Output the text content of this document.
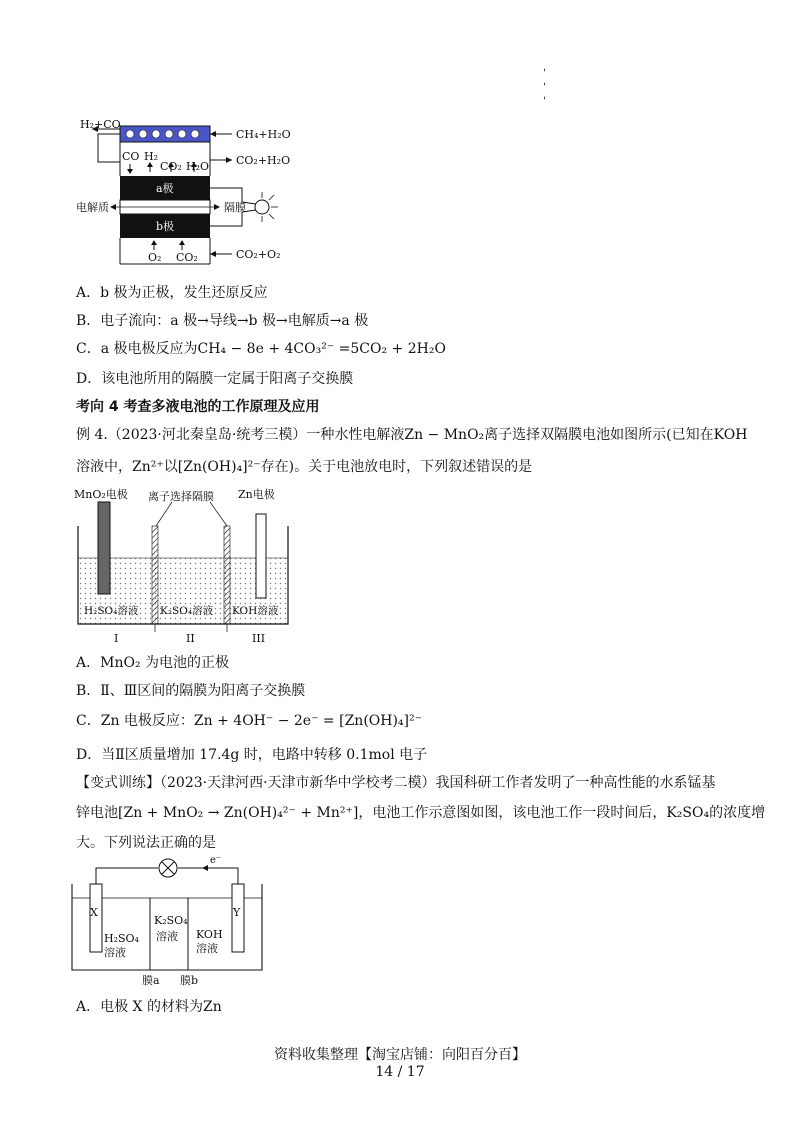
'
'
'
a极
b极
H₂+CO
CH₄+H₂O
CO H₂
CO₂ H₂O CO₂+H₂O
电解质	隔膜
O₂ CO₂	CO₂+O₂
A．b 极为正极，发生还原反应
B．电子流向：a 极→导线→b 极→电解质→a 极
C．a 极电极反应为CH₄ − 8e + 4CO₃²⁻ =5CO₂ + 2H₂O
D．该电池所用的隔膜一定属于阳离子交换膜
考向 4 考查多液电池的工作原理及应用
例 4.（2023·河北秦皇岛·统考三模）一种水性电解液Zn − MnO₂离子选择双隔膜电池如图所示(已知在KOH
溶液中，Zn²⁺以[Zn(OH)₄]²⁻存在)。关于电池放电时，下列叙述错误的是
MnO₂电极 离子选择隔膜 Zn电极
H₂SO₄溶液 K₂SO₄溶液 KOH溶液
I	II	III
A．MnO₂ 为电池的正极
B．Ⅱ、Ⅲ区间的隔膜为阳离子交换膜
C．Zn 电极反应：Zn + 4OH⁻ − 2e⁻ = [Zn(OH)₄]²⁻
D．当Ⅱ区质量增加 17.4g 时，电路中转移 0.1mol 电子
【变式训练】（2023·天津河西·天津市新华中学校考二模）我国科研工作者发明了一种高性能的水系锰基
锌电池[Zn + MnO₂ → Zn(OH)₄²⁻ + Mn²⁺]，电池工作示意图如图，该电池工作一段时间后，K₂SO₄的浓度增
大。下列说法正确的是
e⁻
X	Y
H₂SO₄
溶液
K₂SO₄
溶液 KOH
溶液
膜a 膜b
A．电极 X 的材料为Zn
资料收集整理【淘宝店铺：向阳百分百】
14 / 17
